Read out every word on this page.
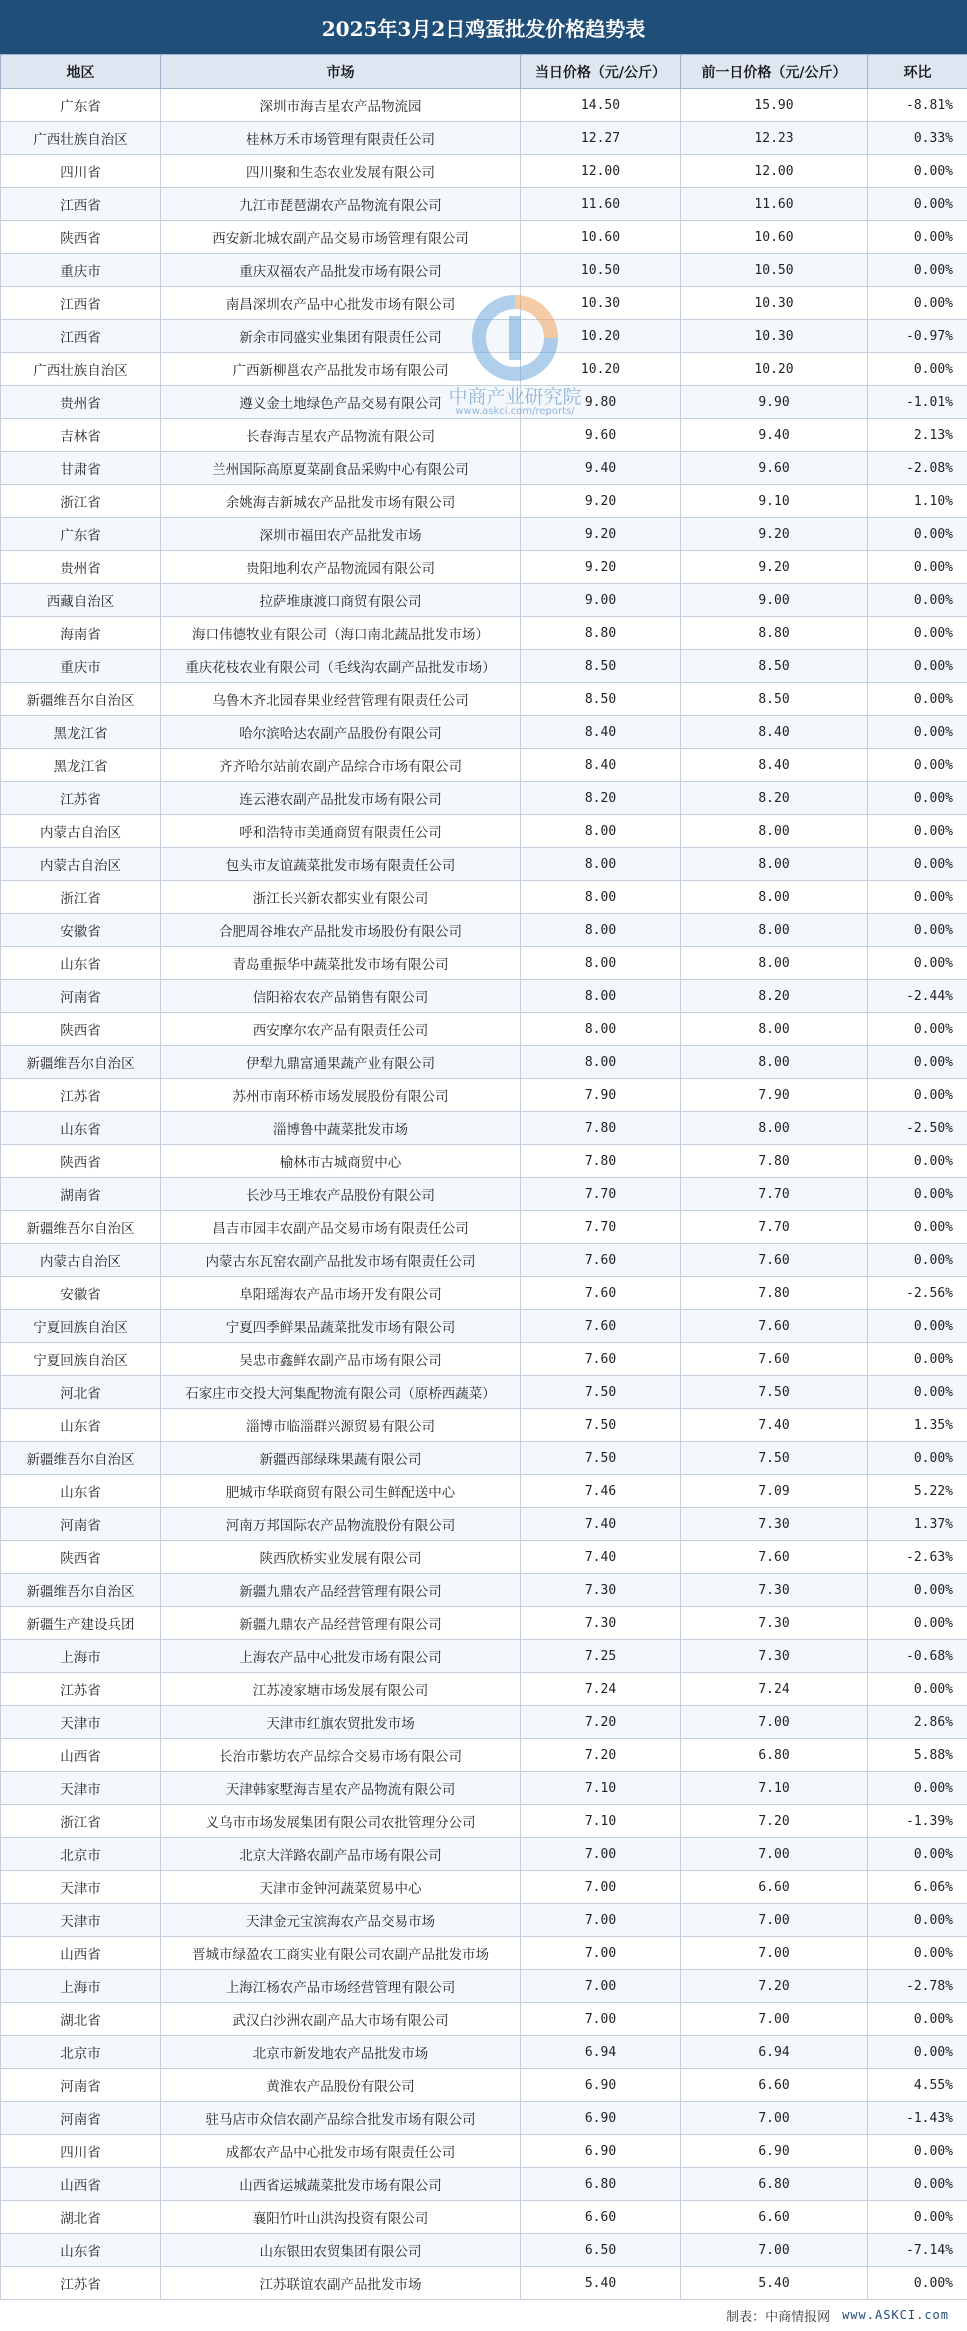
2025年3月2日鸡蛋批发价格趋势表
地区	市场	当日价格（元/公斤）	前一日价格（元/公斤）	环比
广东省	深圳市海吉星农产品物流园	14.50	15.90	-8.81%
广西壮族自治区	桂林万禾市场管理有限责任公司	12.27	12.23	0.33%
四川省	四川聚和生态农业发展有限公司	12.00	12.00	0.00%
江西省	九江市琵琶湖农产品物流有限公司	11.60	11.60	0.00%
陕西省	西安新北城农副产品交易市场管理有限公司	10.60	10.60	0.00%
重庆市	重庆双福农产品批发市场有限公司	10.50	10.50	0.00%
江西省	南昌深圳农产品中心批发市场有限公司	10.30	10.30	0.00%
江西省	新余市同盛实业集团有限责任公司	10.20	10.30	-0.97%
广西壮族自治区	广西新柳邕农产品批发市场有限公司	10.20	10.20	0.00%
贵州省	遵义金土地绿色产品交易有限公司	9.80	9.90	-1.01%
吉林省	长春海吉星农产品物流有限公司	9.60	9.40	2.13%
甘肃省	兰州国际高原夏菜副食品采购中心有限公司	9.40	9.60	-2.08%
浙江省	余姚海吉新城农产品批发市场有限公司	9.20	9.10	1.10%
广东省	深圳市福田农产品批发市场	9.20	9.20	0.00%
贵州省	贵阳地利农产品物流园有限公司	9.20	9.20	0.00%
西藏自治区	拉萨堆康渡口商贸有限公司	9.00	9.00	0.00%
海南省	海口伟德牧业有限公司（海口南北蔬品批发市场）	8.80	8.80	0.00%
重庆市	重庆花枝农业有限公司（毛线沟农副产品批发市场）	8.50	8.50	0.00%
新疆维吾尔自治区	乌鲁木齐北园春果业经营管理有限责任公司	8.50	8.50	0.00%
黑龙江省	哈尔滨哈达农副产品股份有限公司	8.40	8.40	0.00%
黑龙江省	齐齐哈尔站前农副产品综合市场有限公司	8.40	8.40	0.00%
江苏省	连云港农副产品批发市场有限公司	8.20	8.20	0.00%
内蒙古自治区	呼和浩特市美通商贸有限责任公司	8.00	8.00	0.00%
内蒙古自治区	包头市友谊蔬菜批发市场有限责任公司	8.00	8.00	0.00%
浙江省	浙江长兴新农都实业有限公司	8.00	8.00	0.00%
安徽省	合肥周谷堆农产品批发市场股份有限公司	8.00	8.00	0.00%
山东省	青岛重振华中蔬菜批发市场有限公司	8.00	8.00	0.00%
河南省	信阳裕农农产品销售有限公司	8.00	8.20	-2.44%
陕西省	西安摩尔农产品有限责任公司	8.00	8.00	0.00%
新疆维吾尔自治区	伊犁九鼎富通果蔬产业有限公司	8.00	8.00	0.00%
江苏省	苏州市南环桥市场发展股份有限公司	7.90	7.90	0.00%
山东省	淄博鲁中蔬菜批发市场	7.80	8.00	-2.50%
陕西省	榆林市古城商贸中心	7.80	7.80	0.00%
湖南省	长沙马王堆农产品股份有限公司	7.70	7.70	0.00%
新疆维吾尔自治区	昌吉市园丰农副产品交易市场有限责任公司	7.70	7.70	0.00%
内蒙古自治区	内蒙古东瓦窑农副产品批发市场有限责任公司	7.60	7.60	0.00%
安徽省	阜阳瑶海农产品市场开发有限公司	7.60	7.80	-2.56%
宁夏回族自治区	宁夏四季鲜果品蔬菜批发市场有限公司	7.60	7.60	0.00%
宁夏回族自治区	吴忠市鑫鲜农副产品市场有限公司	7.60	7.60	0.00%
河北省	石家庄市交投大河集配物流有限公司（原桥西蔬菜）	7.50	7.50	0.00%
山东省	淄博市临淄群兴源贸易有限公司	7.50	7.40	1.35%
新疆维吾尔自治区	新疆西部绿珠果蔬有限公司	7.50	7.50	0.00%
山东省	肥城市华联商贸有限公司生鲜配送中心	7.46	7.09	5.22%
河南省	河南万邦国际农产品物流股份有限公司	7.40	7.30	1.37%
陕西省	陕西欣桥实业发展有限公司	7.40	7.60	-2.63%
新疆维吾尔自治区	新疆九鼎农产品经营管理有限公司	7.30	7.30	0.00%
新疆生产建设兵团	新疆九鼎农产品经营管理有限公司	7.30	7.30	0.00%
上海市	上海农产品中心批发市场有限公司	7.25	7.30	-0.68%
江苏省	江苏凌家塘市场发展有限公司	7.24	7.24	0.00%
天津市	天津市红旗农贸批发市场	7.20	7.00	2.86%
山西省	长治市紫坊农产品综合交易市场有限公司	7.20	6.80	5.88%
天津市	天津韩家墅海吉星农产品物流有限公司	7.10	7.10	0.00%
浙江省	义乌市市场发展集团有限公司农批管理分公司	7.10	7.20	-1.39%
北京市	北京大洋路农副产品市场有限公司	7.00	7.00	0.00%
天津市	天津市金钟河蔬菜贸易中心	7.00	6.60	6.06%
天津市	天津金元宝滨海农产品交易市场	7.00	7.00	0.00%
山西省	晋城市绿盈农工商实业有限公司农副产品批发市场	7.00	7.00	0.00%
上海市	上海江杨农产品市场经营管理有限公司	7.00	7.20	-2.78%
湖北省	武汉白沙洲农副产品大市场有限公司	7.00	7.00	0.00%
北京市	北京市新发地农产品批发市场	6.94	6.94	0.00%
河南省	黄淮农产品股份有限公司	6.90	6.60	4.55%
河南省	驻马店市众信农副产品综合批发市场有限公司	6.90	7.00	-1.43%
四川省	成都农产品中心批发市场有限责任公司	6.90	6.90	0.00%
山西省	山西省运城蔬菜批发市场有限公司	6.80	6.80	0.00%
湖北省	襄阳竹叶山洪沟投资有限公司	6.60	6.60	0.00%
山东省	山东银田农贸集团有限公司	6.50	7.00	-7.14%
江苏省	江苏联谊农副产品批发市场	5.40	5.40	0.00%
中商产业研究院
www.askci.com/reports/
制表：中商情报网 www.ASKCI.com
